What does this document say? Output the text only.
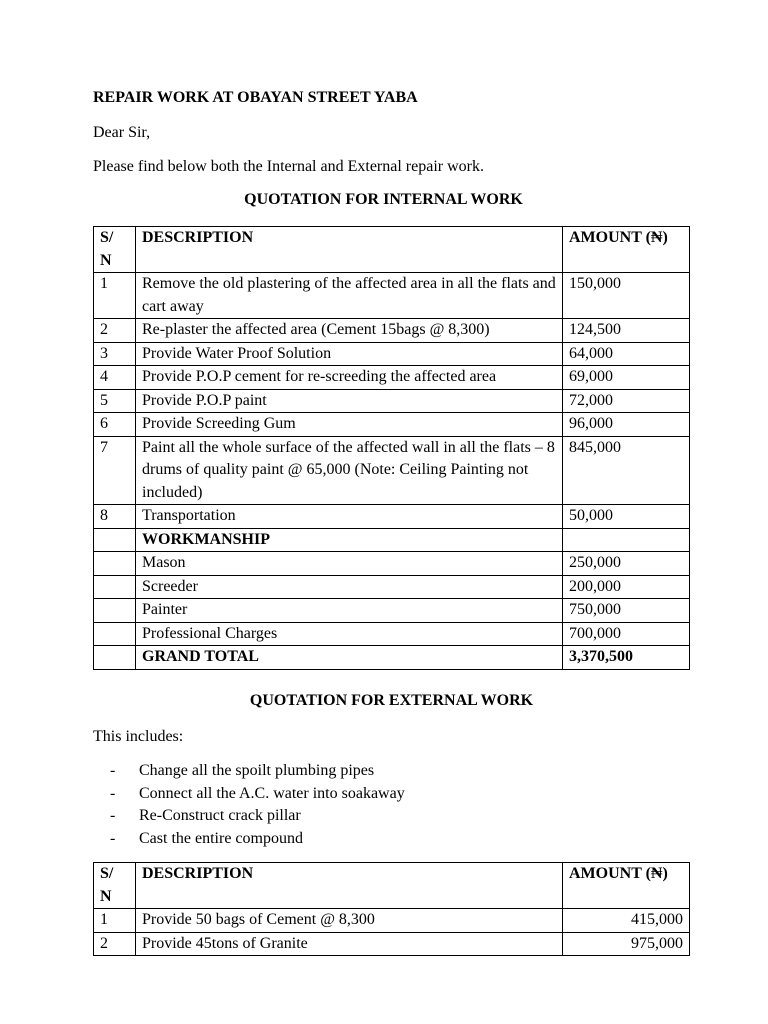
REPAIR WORK AT OBAYAN STREET YABA
Dear Sir,
Please find below both the Internal and External repair work.
QUOTATION FOR INTERNAL WORK
S/
N	DESCRIPTION	AMOUNT (₦)
1	Remove the old plastering of the affected area in all the flats and cart away	150,000
2	Re-plaster the affected area (Cement 15bags @ 8,300)	124,500
3	Provide Water Proof Solution	64,000
4	Provide P.O.P cement for re-screeding the affected area	69,000
5	Provide P.O.P paint	72,000
6	Provide Screeding Gum	96,000
7	Paint all the whole surface of the affected wall in all the flats – 8 drums of quality paint @ 65,000 (Note: Ceiling Painting not included)	845,000
8	Transportation	50,000
	WORKMANSHIP	
	Mason	250,000
	Screeder	200,000
	Painter	750,000
	Professional Charges	700,000
	GRAND TOTAL	3,370,500
QUOTATION FOR EXTERNAL WORK
This includes:
- Change all the spoilt plumbing pipes
- Connect all the A.C. water into soakaway
- Re-Construct crack pillar
- Cast the entire compound
S/
N	DESCRIPTION	AMOUNT (₦)
1	Provide 50 bags of Cement @ 8,300	415,000
2	Provide 45tons of Granite	975,000
